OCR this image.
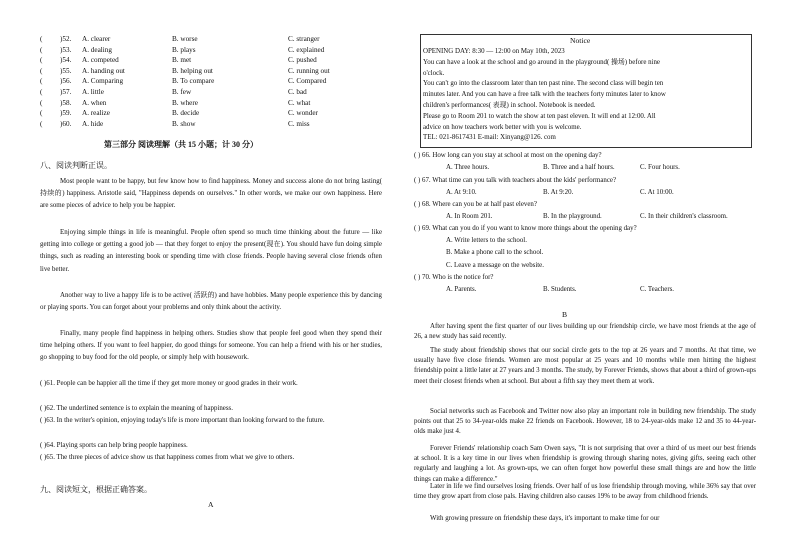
( )52. A. clearer	B. worse	C. stranger
( )53. A. dealing	B. plays	C. explained
( )54. A. competed	B. met	C. pushed
( )55. A. handing out	B. helping out	C. running out
( )56. A. Comparing	B. To compare	C. Compared
( )57. A. little	B. few	C. bad
( )58. A. when	B. where	C. what
( )59. A. realize	B. decide	C. wonder
( )60. A. hide	B. show	C. miss
第三部分 阅读理解（共 15 小题；计 30 分）
八、阅读判断正误。
Most people want to be happy, but few know how to find happiness. Money and success alone do not bring lasting( 持续的) happiness. Aristotle said, "Happiness depends on ourselves." In other words, we make our own happiness. Here are some pieces of advice to help you be happier.
Enjoying simple things in life is meaningful. People often spend so much time thinking about the future — like getting into college or getting a good job — that they forget to enjoy the present(现在). You should have fun doing simple things, such as reading an interesting book or spending time with close friends. People having several close friends often live better.
Another way to live a happy life is to be active( 活跃的) and have hobbies. Many people experience this by dancing or playing sports. You can forget about your problems and only think about the activity.
Finally, many people find happiness in helping others. Studies show that people feel good when they spend their time helping others. If you want to feel happier, do good things for someone. You can help a friend with his or her studies, go shopping to buy food for the old people, or simply help with housework.
( )61. People can be happier all the time if they get more money or good grades in their work.
( )62. The underlined sentence is to explain the meaning of happiness.
( )63. In the writer's opinion, enjoying today's life is more important than looking forward to the future.
( )64. Playing sports can help bring people happiness.
( )65. The three pieces of advice show us that happiness comes from what we give to others.
九、阅读短文，根据正确答案。
A
Notice
OPENING DAY: 8:30 — 12:00 on May 10th, 2023
You can have a look at the school and go around in the playground( 操场) before nine
o'clock.
You can't go into the classroom later than ten past nine. The second class will begin ten
minutes later. And you can have a free talk with the teachers forty minutes later to know
children's performances( 表现) in school. Notebook is needed.
Please go to Room 201 to watch the show at ten past eleven. It will end at 12:00. All
advice on how teachers work better with you is welcome.
TEL: 021-8617431 E-mail: Xinyang@126. com
( ) 66. How long can you stay at school at most on the opening day?
A. Three hours.	B. Three and a half hours.	C. Four hours.
( ) 67. What time can you talk with teachers about the kids' performance?
A. At 9:10.	B. At 9:20.	C. At 10:00.
( ) 68. Where can you be at half past eleven?
A. In Room 201.	B. In the playground.	C. In their children's classroom.
( ) 69. What can you do if you want to know more things about the opening day?
A. Write letters to the school.
B. Make a phone call to the school.
C. Leave a message on the website.
( ) 70. Who is the notice for?
A. Parents.	B. Students.	C. Teachers.
B
After having spent the first quarter of our lives building up our friendship circle, we have most friends at the age of 26, a new study has said recently.
The study about friendship shows that our social circle gets to the top at 26 years and 7 months. At that time, we usually have five close friends. Women are most popular at 25 years and 10 months while men hitting the highest friendship point a little later at 27 years and 3 months. The study, by Forever Friends, shows that about a third of grown-ups meet their closest friends when at school. But about a fifth say they meet them at work.
Social networks such as Facebook and Twitter now also play an important role in building new friendship. The study points out that 25 to 34-year-olds make 22 friends on Facebook. However, 18 to 24-year-olds make 12 and 35 to 44-year-olds make just 4.
Forever Friends' relationship coach Sam Owen says, "It is not surprising that over a third of us meet our best friends at school. It is a key time in our lives when friendship is growing through sharing notes, giving gifts, seeing each other regularly and laughing a lot. As grown-ups, we can often forget how powerful these small things are and how the little things can make a difference."
Later in life we find ourselves losing friends. Over half of us lose friendship through moving, while 36% say that over time they grow apart from close pals. Having children also causes 19% to be away from childhood friends.
With growing pressure on friendship these days, it's important to make time for our
